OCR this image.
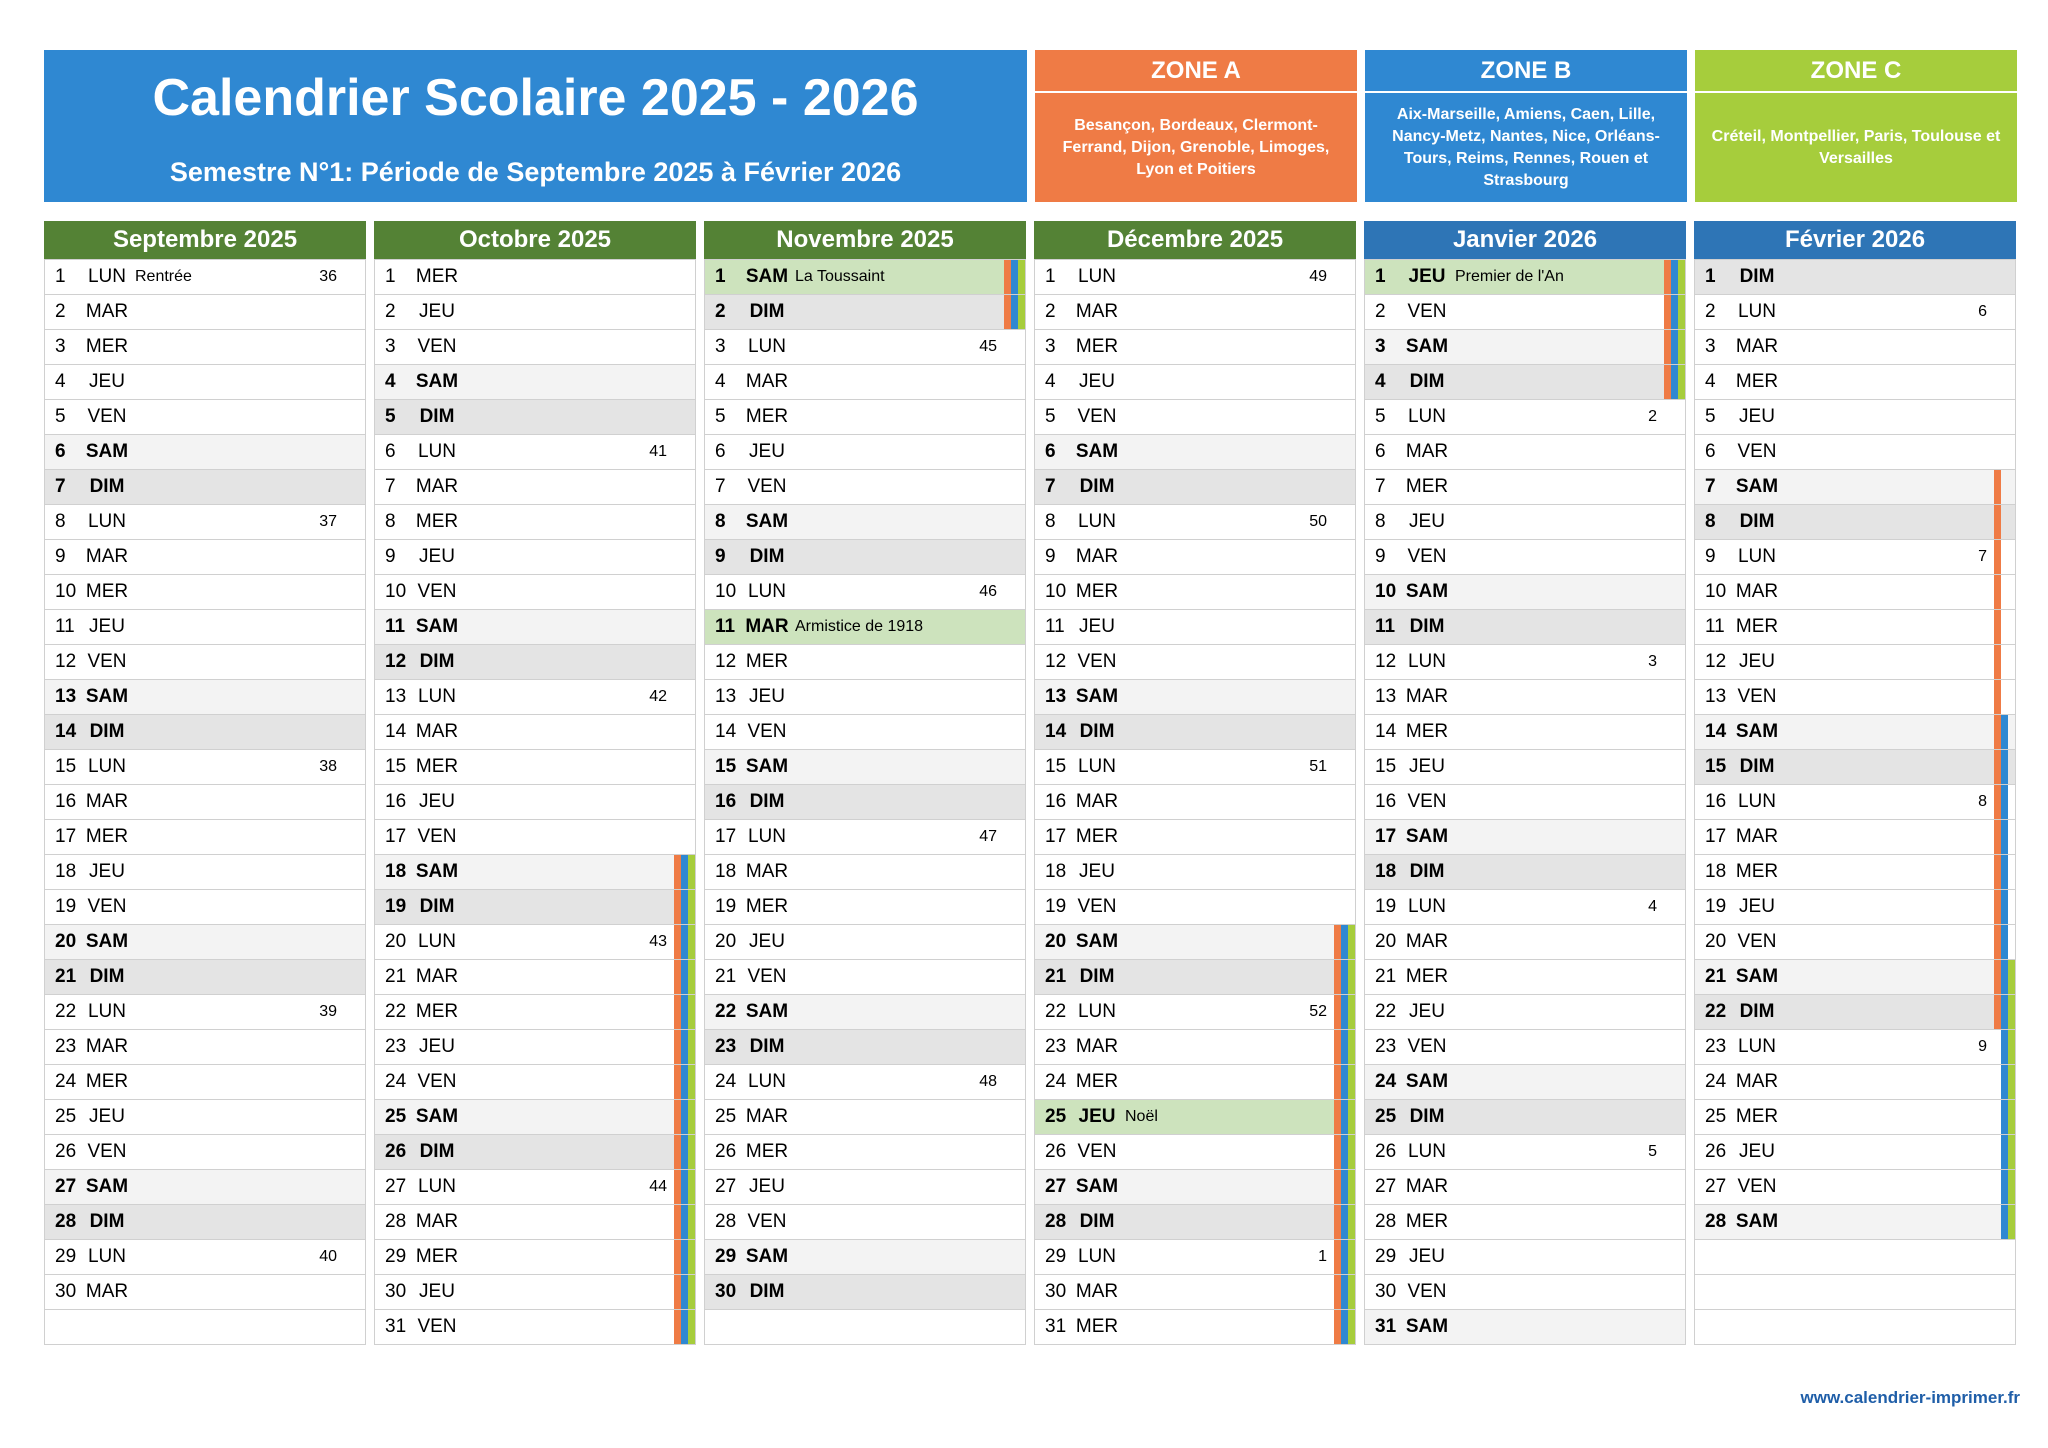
Calendrier Scolaire 2025 - 2026
Semestre N°1: Période de Septembre 2025 à Février 2026
ZONE A
Besançon, Bordeaux, Clermont-Ferrand, Dijon, Grenoble, Limoges, Lyon et Poitiers
ZONE B
Aix-Marseille, Amiens, Caen, Lille, Nancy-Metz, Nantes, Nice, Orléans-Tours, Reims, Rennes, Rouen et Strasbourg
ZONE C
Créteil, Montpellier, Paris, Toulouse et Versailles
Septembre 2025
1 LUN Rentrée	36
2 MAR
3 MER
4 JEU
5 VEN
6 SAM
7 DIM
8 LUN	37
9 MAR
10 MER
11 JEU
12 VEN
13 SAM
14 DIM
15 LUN	38
16 MAR
17 MER
18 JEU
19 VEN
20 SAM
21 DIM
22 LUN	39
23 MAR
24 MER
25 JEU
26 VEN
27 SAM
28 DIM
29 LUN	40
30 MAR
Octobre 2025
1 MER
2 JEU
3 VEN
4 SAM
5 DIM
6 LUN	41
7 MAR
8 MER
9 JEU
10 VEN
11 SAM
12 DIM
13 LUN	42
14 MAR
15 MER
16 JEU
17 VEN
18 SAM
19 DIM
20 LUN	43
21 MAR
22 MER
23 JEU
24 VEN
25 SAM
26 DIM
27 LUN	44
28 MAR
29 MER
30 JEU
31 VEN
Novembre 2025
1 SAM La Toussaint
2 DIM
3 LUN	45
4 MAR
5 MER
6 JEU
7 VEN
8 SAM
9 DIM
10 LUN	46
11 MAR Armistice de 1918
12 MER
13 JEU
14 VEN
15 SAM
16 DIM
17 LUN	47
18 MAR
19 MER
20 JEU
21 VEN
22 SAM
23 DIM
24 LUN	48
25 MAR
26 MER
27 JEU
28 VEN
29 SAM
30 DIM
Décembre 2025
1 LUN	49
2 MAR
3 MER
4 JEU
5 VEN
6 SAM
7 DIM
8 LUN	50
9 MAR
10 MER
11 JEU
12 VEN
13 SAM
14 DIM
15 LUN	51
16 MAR
17 MER
18 JEU
19 VEN
20 SAM
21 DIM
22 LUN	52
23 MAR
24 MER
25 JEU Noël
26 VEN
27 SAM
28 DIM
29 LUN	1
30 MAR
31 MER
Janvier 2026
1 JEU Premier de l'An
2 VEN
3 SAM
4 DIM
5 LUN	2
6 MAR
7 MER
8 JEU
9 VEN
10 SAM
11 DIM
12 LUN	3
13 MAR
14 MER
15 JEU
16 VEN
17 SAM
18 DIM
19 LUN	4
20 MAR
21 MER
22 JEU
23 VEN
24 SAM
25 DIM
26 LUN	5
27 MAR
28 MER
29 JEU
30 VEN
31 SAM
Février 2026
1 DIM
2 LUN	6
3 MAR
4 MER
5 JEU
6 VEN
7 SAM
8 DIM
9 LUN	7
10 MAR
11 MER
12 JEU
13 VEN
14 SAM
15 DIM
16 LUN	8
17 MAR
18 MER
19 JEU
20 VEN
21 SAM
22 DIM
23 LUN	9
24 MAR
25 MER
26 JEU
27 VEN
28 SAM
www.calendrier-imprimer.fr
